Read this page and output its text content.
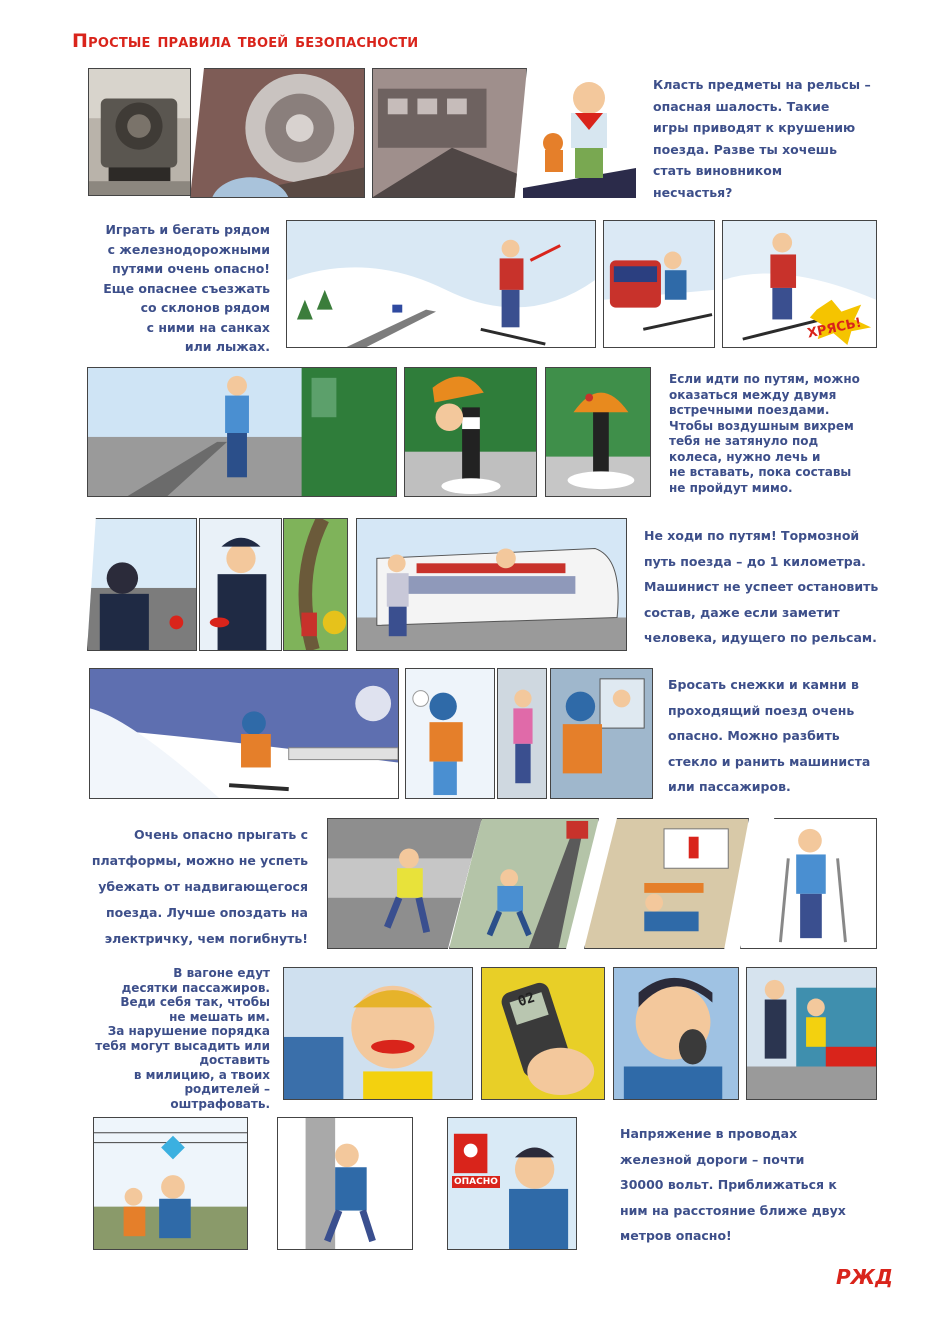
Простые правила твоей безопасности
Класть предметы на рельсы –
опасная шалость. Такие
игры приводят к крушению
поезда. Разве ты хочешь
стать виновником
несчастья?
Играть и бегать рядом
с железнодорожными
путями очень опасно!
Еще опаснее съезжать
со склонов рядом
с ними на санках
или лыжах.
ХРЯСЬ!
Если идти по путям, можно
оказаться между двумя
встречными поездами.
Чтобы воздушным вихрем
тебя не затянуло под
колеса, нужно лечь и
не вставать, пока составы
не пройдут мимо.
Не ходи по путям! Тормозной
путь поезда – до 1 километра.
Машинист не успеет остановить
состав, даже если заметит
человека, идущего по рельсам.
Бросать снежки и камни в
проходящий поезд очень
опасно. Можно разбить
стекло и ранить машиниста
или пассажиров.
Очень опасно прыгать с
платформы, можно не успеть
убежать от надвигающегося
поезда. Лучше опоздать на
электричку, чем погибнуть!
В вагоне едут
десятки пассажиров.
Веди себя так, чтобы
не мешать им.
За нарушение порядка
тебя могут высадить или
доставить
в милицию, а твоих
родителей –
оштрафовать.
02
ОПАСНО
Напряжение в проводах
железной дороги – почти
30000 вольт. Приближаться к
ним на расстояние ближе двух
метров опасно!
РЖД
